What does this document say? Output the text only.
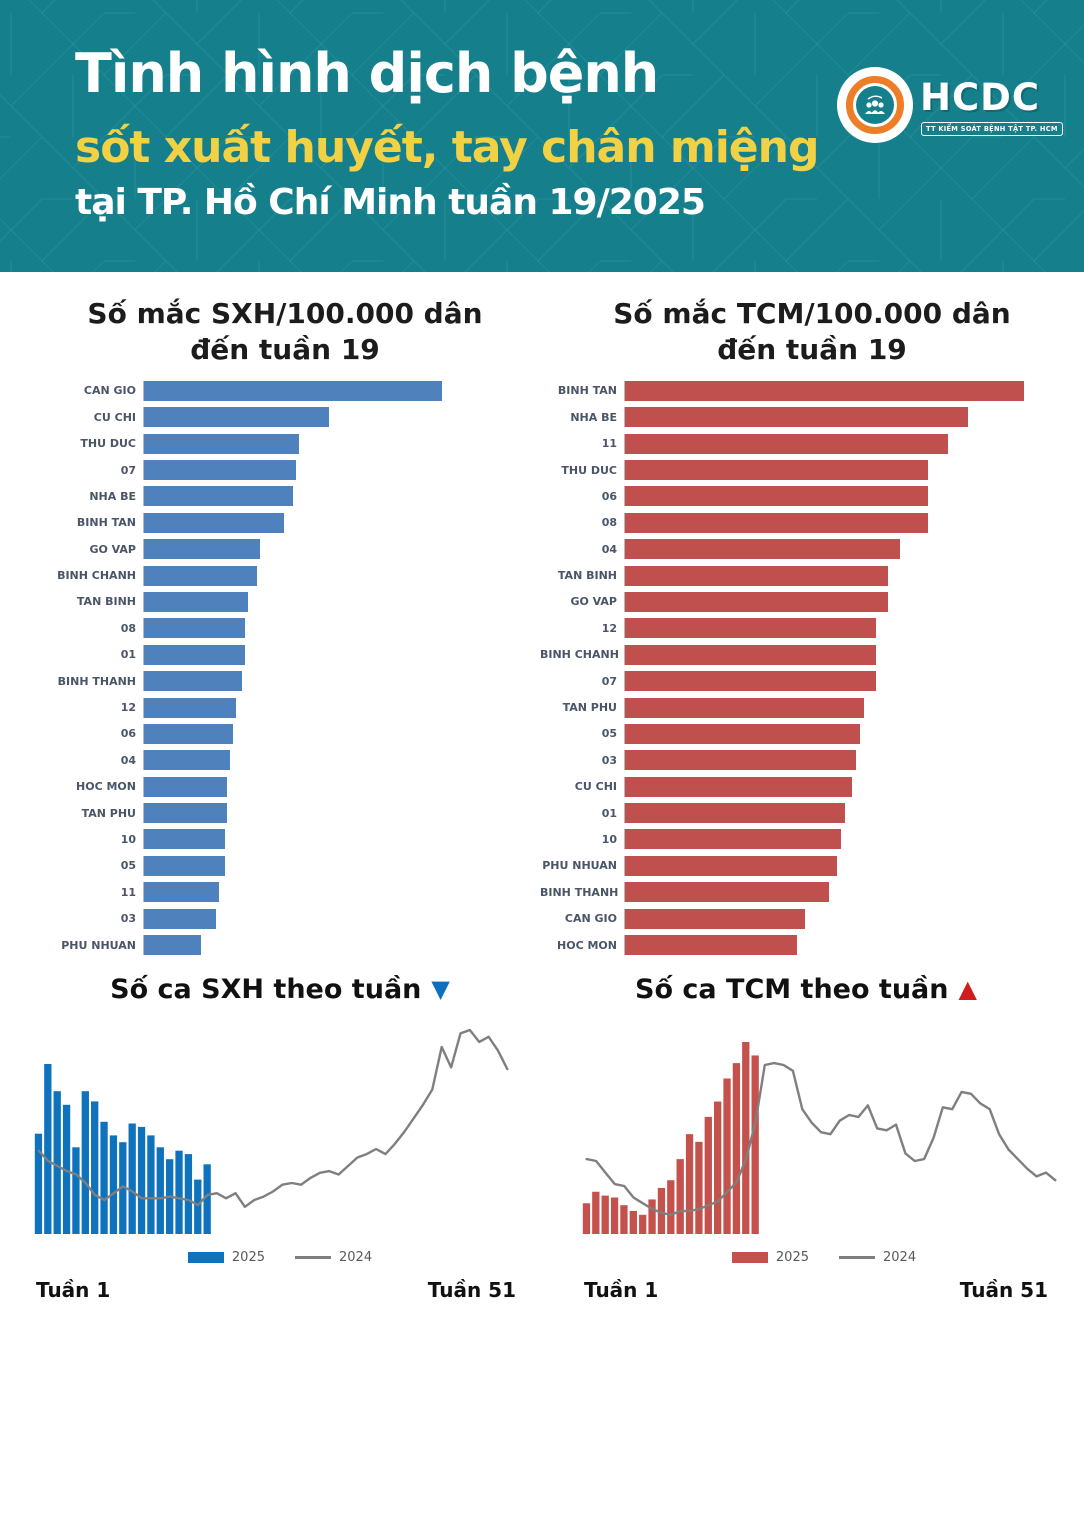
Tình hình dịch bệnh
sốt xuất huyết, tay chân miệng
tại TP. Hồ Chí Minh tuần 19/2025
HCDC
TT KIỂM SOÁT BỆNH TẬT TP. HCM
Số mắc SXH/100.000 dân
đến tuần 19
CAN GIO
CU CHI
THU DUC
07
NHA BE
BINH TAN
GO VAP
BINH CHANH
TAN BINH
08
01
BINH THANH
12
06
04
HOC MON
TAN PHU
10
05
11
03
PHU NHUAN
Số mắc TCM/100.000 dân
đến tuần 19
BINH TAN
NHA BE
11
THU DUC
06
08
04
TAN BINH
GO VAP
12
BINH CHANH
07
TAN PHU
05
03
CU CHI
01
10
PHU NHUAN
BINH THANH
CAN GIO
HOC MON
Số ca SXH theo tuần ▼	Số ca TCM theo tuần ▲
2025	2024	2025	2024
Tuần 1	Tuần 51	Tuần 1	Tuần 51
